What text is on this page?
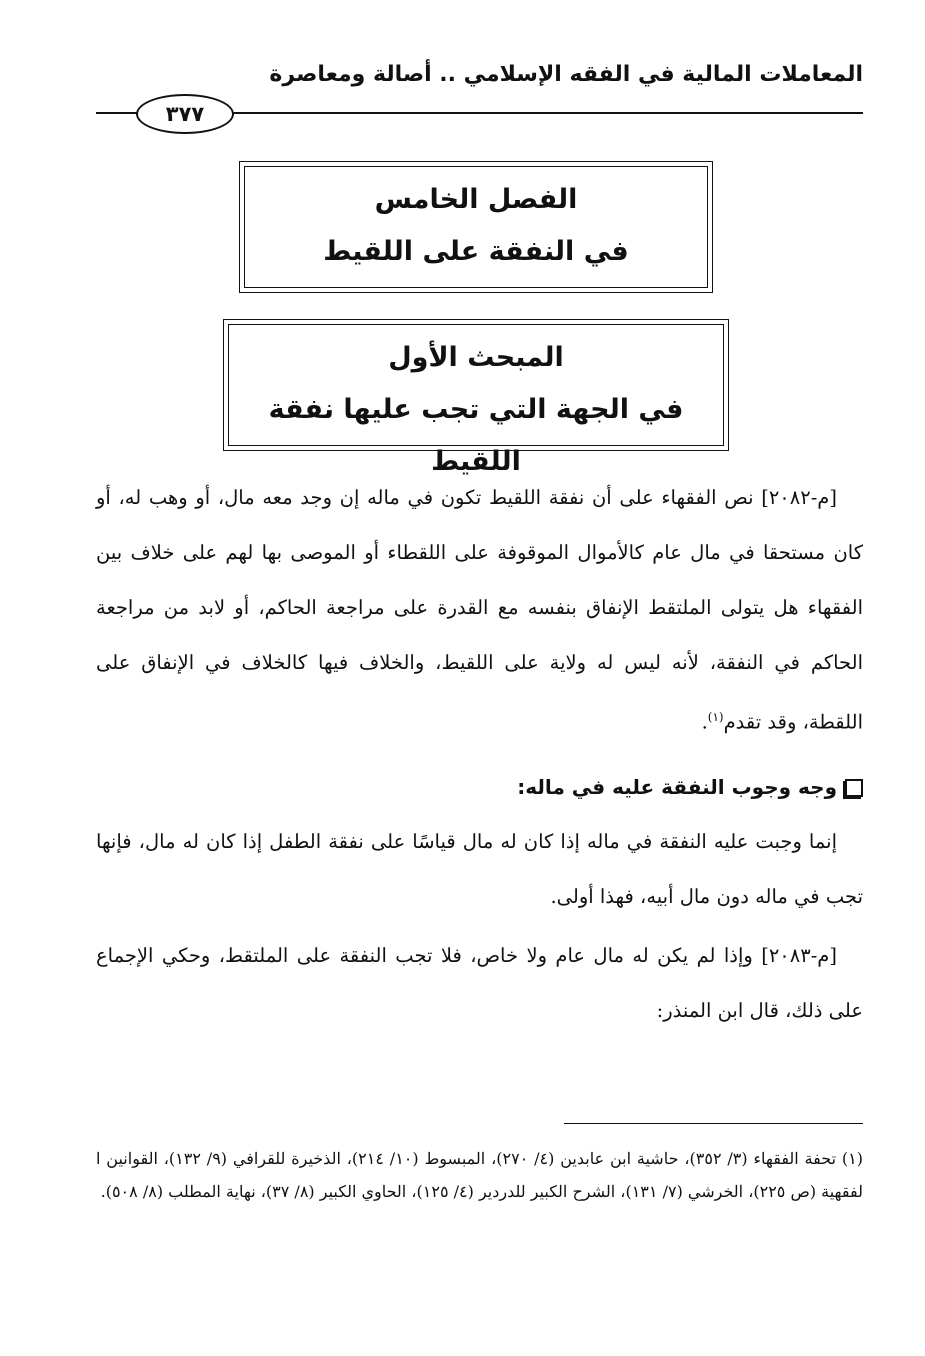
المعاملات المالية في الفقه الإسلامي .. أصالة ومعاصرة
٣٧٧
الفصل الخامس
في النفقة على اللقيط
المبحث الأول
في الجهة التي تجب عليها نفقة اللقيط

[م-٢٠٨٢] نص الفقهاء على أن نفقة اللقيط تكون في ماله إن وجد معه مال، أو وهب له، أو كان مستحقا في مال عام كالأموال الموقوفة على اللقطاء أو الموصى بها لهم على خلاف بين الفقهاء هل يتولى الملتقط الإنفاق بنفسه مع القدرة على مراجعة الحاكم، أو لابد من مراجعة الحاكم في النفقة، لأنه ليس له ولاية على اللقيط، والخلاف فيها كالخلاف في الإنفاق على اللقطة، وقد تقدم$^{(١)}$.

وجه وجوب النفقة عليه في ماله:

إنما وجبت عليه النفقة في ماله إذا كان له مال قياسًا على نفقة الطفل إذا كان له مال، فإنها تجب في ماله دون مال أبيه، فهذا أولى.

[م-٢٠٨٣] وإذا لم يكن له مال عام ولا خاص، فلا تجب النفقة على الملتقط، وحكي الإجماع على ذلك، قال ابن المنذر:

(١) تحفة الفقهاء (٣/ ٣٥٢)، حاشية ابن عابدين (٤/ ٢٧٠)، المبسوط (١٠/ ٢١٤)، الذخيرة للقرافي (٩/ ١٣٢)، القوانين ا لفقهية (ص ٢٢٥)، الخرشي (٧/ ١٣١)، الشرح الكبير للدردير (٤/ ١٢٥)، الحاوي الكبير (٨/ ٣٧)، نهاية المطلب (٨/ ٥٠٨).
